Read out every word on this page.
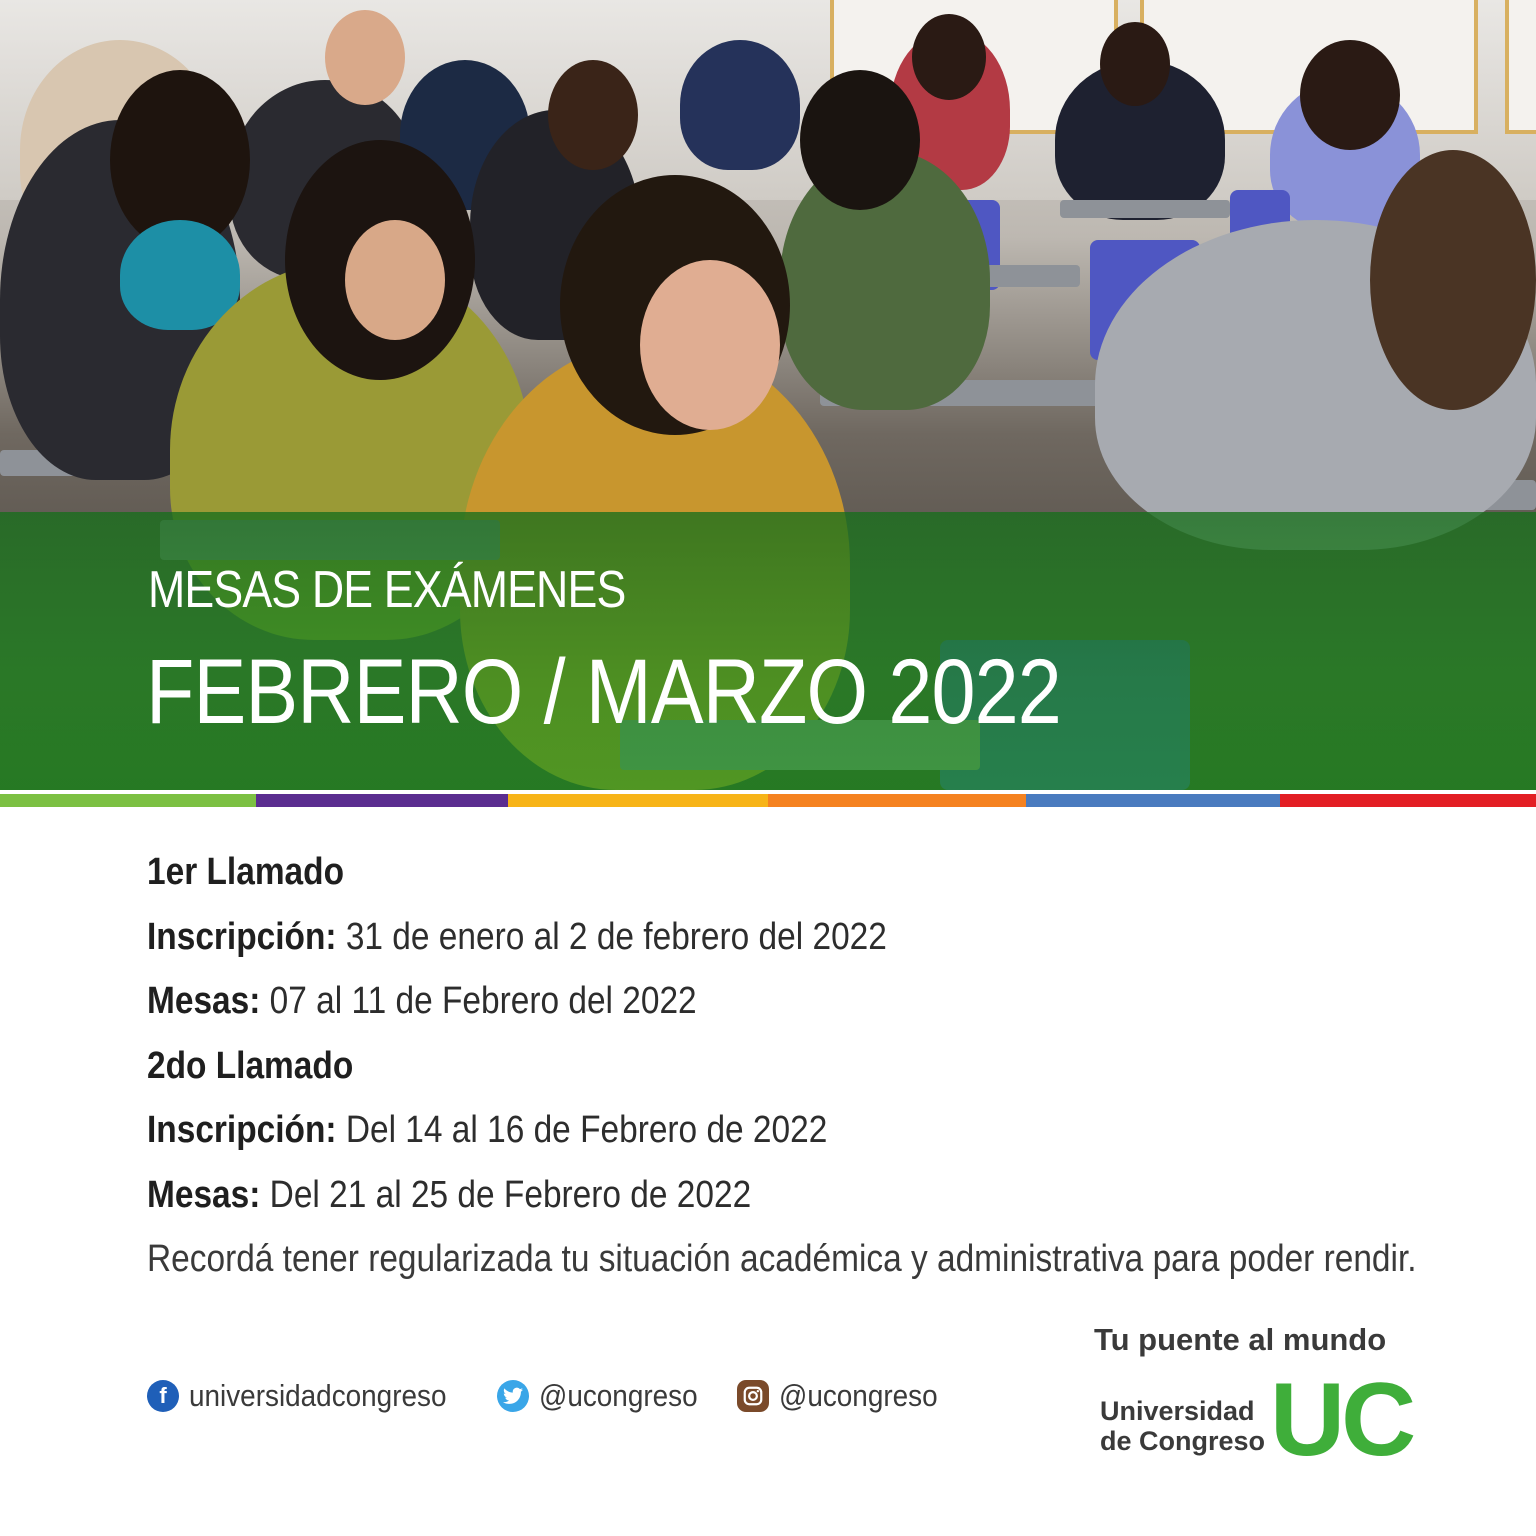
MESAS DE EXÁMENES
FEBRERO / MARZO 2022
1er Llamado
Inscripción: 31 de enero al 2 de febrero del 2022
Mesas: 07 al 11 de Febrero del 2022
2do Llamado
Inscripción: Del 14 al 16 de Febrero de 2022
Mesas: Del 21 al 25 de Febrero de 2022
Recordá tener regularizada tu situación académica y administrativa para poder rendir.
f universidadcongreso	@ucongreso	@ucongreso
Tu puente al mundo
Universidad
de Congreso UC
